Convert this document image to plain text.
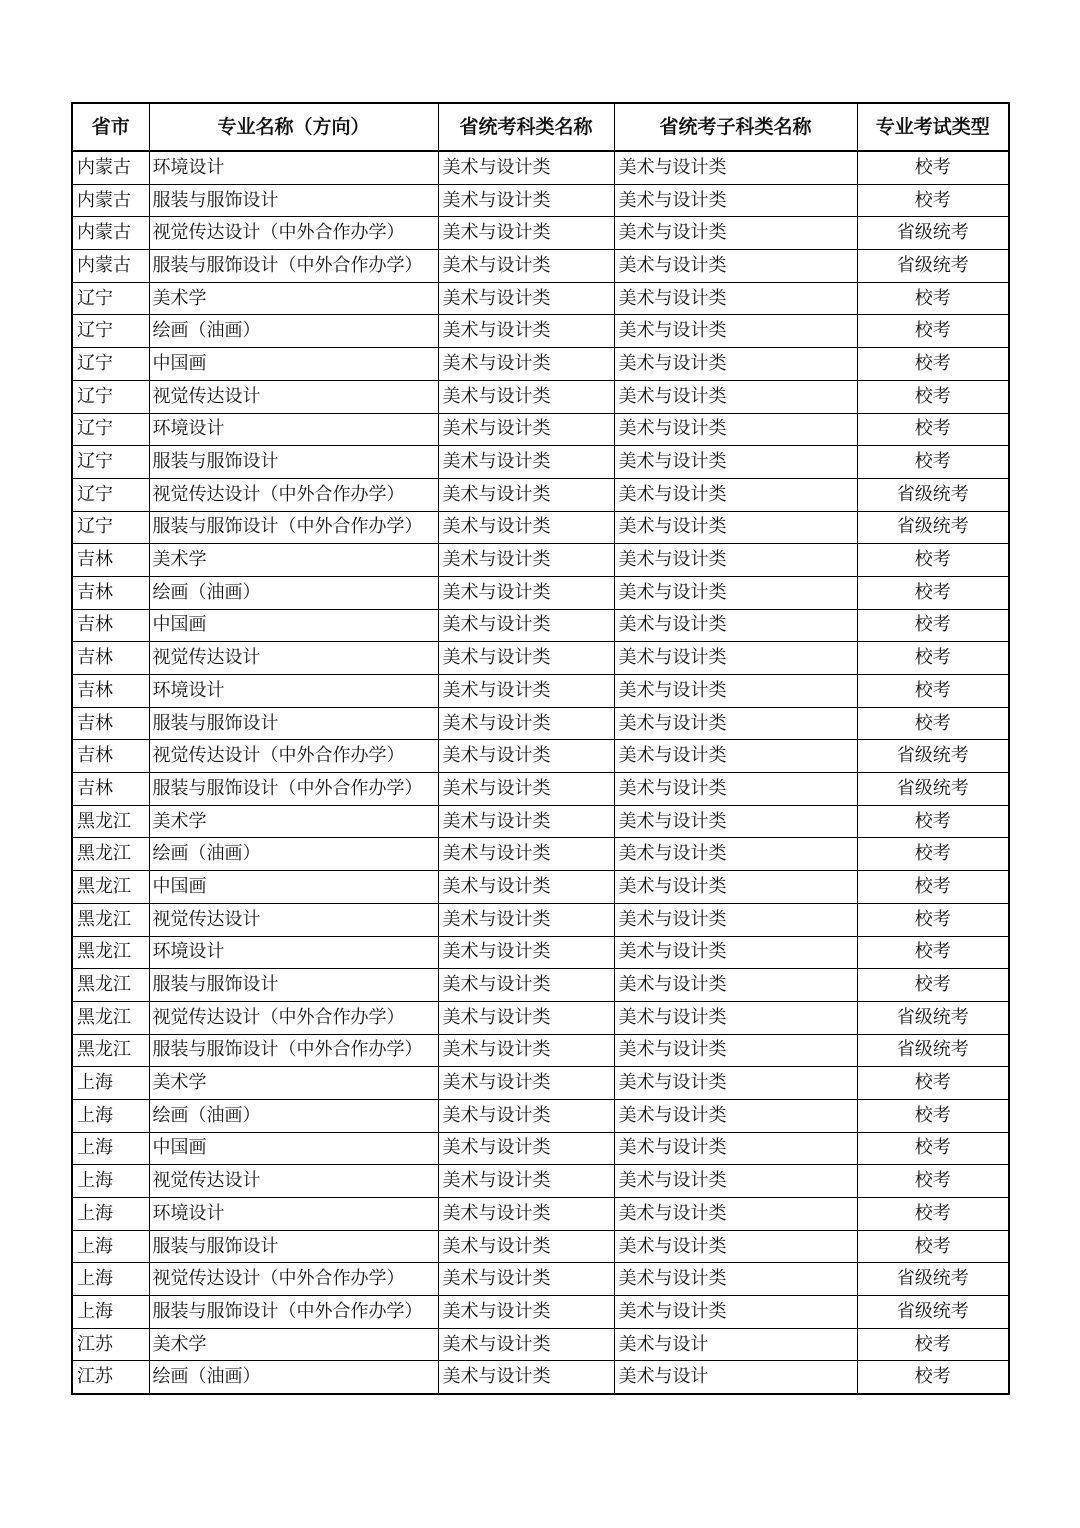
省市	专业名称（方向）	省统考科类名称	省统考子科类名称	专业考试类型
内蒙古	环境设计	美术与设计类	美术与设计类	校考
内蒙古	服装与服饰设计	美术与设计类	美术与设计类	校考
内蒙古	视觉传达设计（中外合作办学）	美术与设计类	美术与设计类	省级统考
内蒙古	服装与服饰设计（中外合作办学）	美术与设计类	美术与设计类	省级统考
辽宁	美术学	美术与设计类	美术与设计类	校考
辽宁	绘画（油画）	美术与设计类	美术与设计类	校考
辽宁	中国画	美术与设计类	美术与设计类	校考
辽宁	视觉传达设计	美术与设计类	美术与设计类	校考
辽宁	环境设计	美术与设计类	美术与设计类	校考
辽宁	服装与服饰设计	美术与设计类	美术与设计类	校考
辽宁	视觉传达设计（中外合作办学）	美术与设计类	美术与设计类	省级统考
辽宁	服装与服饰设计（中外合作办学）	美术与设计类	美术与设计类	省级统考
吉林	美术学	美术与设计类	美术与设计类	校考
吉林	绘画（油画）	美术与设计类	美术与设计类	校考
吉林	中国画	美术与设计类	美术与设计类	校考
吉林	视觉传达设计	美术与设计类	美术与设计类	校考
吉林	环境设计	美术与设计类	美术与设计类	校考
吉林	服装与服饰设计	美术与设计类	美术与设计类	校考
吉林	视觉传达设计（中外合作办学）	美术与设计类	美术与设计类	省级统考
吉林	服装与服饰设计（中外合作办学）	美术与设计类	美术与设计类	省级统考
黑龙江	美术学	美术与设计类	美术与设计类	校考
黑龙江	绘画（油画）	美术与设计类	美术与设计类	校考
黑龙江	中国画	美术与设计类	美术与设计类	校考
黑龙江	视觉传达设计	美术与设计类	美术与设计类	校考
黑龙江	环境设计	美术与设计类	美术与设计类	校考
黑龙江	服装与服饰设计	美术与设计类	美术与设计类	校考
黑龙江	视觉传达设计（中外合作办学）	美术与设计类	美术与设计类	省级统考
黑龙江	服装与服饰设计（中外合作办学）	美术与设计类	美术与设计类	省级统考
上海	美术学	美术与设计类	美术与设计类	校考
上海	绘画（油画）	美术与设计类	美术与设计类	校考
上海	中国画	美术与设计类	美术与设计类	校考
上海	视觉传达设计	美术与设计类	美术与设计类	校考
上海	环境设计	美术与设计类	美术与设计类	校考
上海	服装与服饰设计	美术与设计类	美术与设计类	校考
上海	视觉传达设计（中外合作办学）	美术与设计类	美术与设计类	省级统考
上海	服装与服饰设计（中外合作办学）	美术与设计类	美术与设计类	省级统考
江苏	美术学	美术与设计类	美术与设计	校考
江苏	绘画（油画）	美术与设计类	美术与设计	校考
